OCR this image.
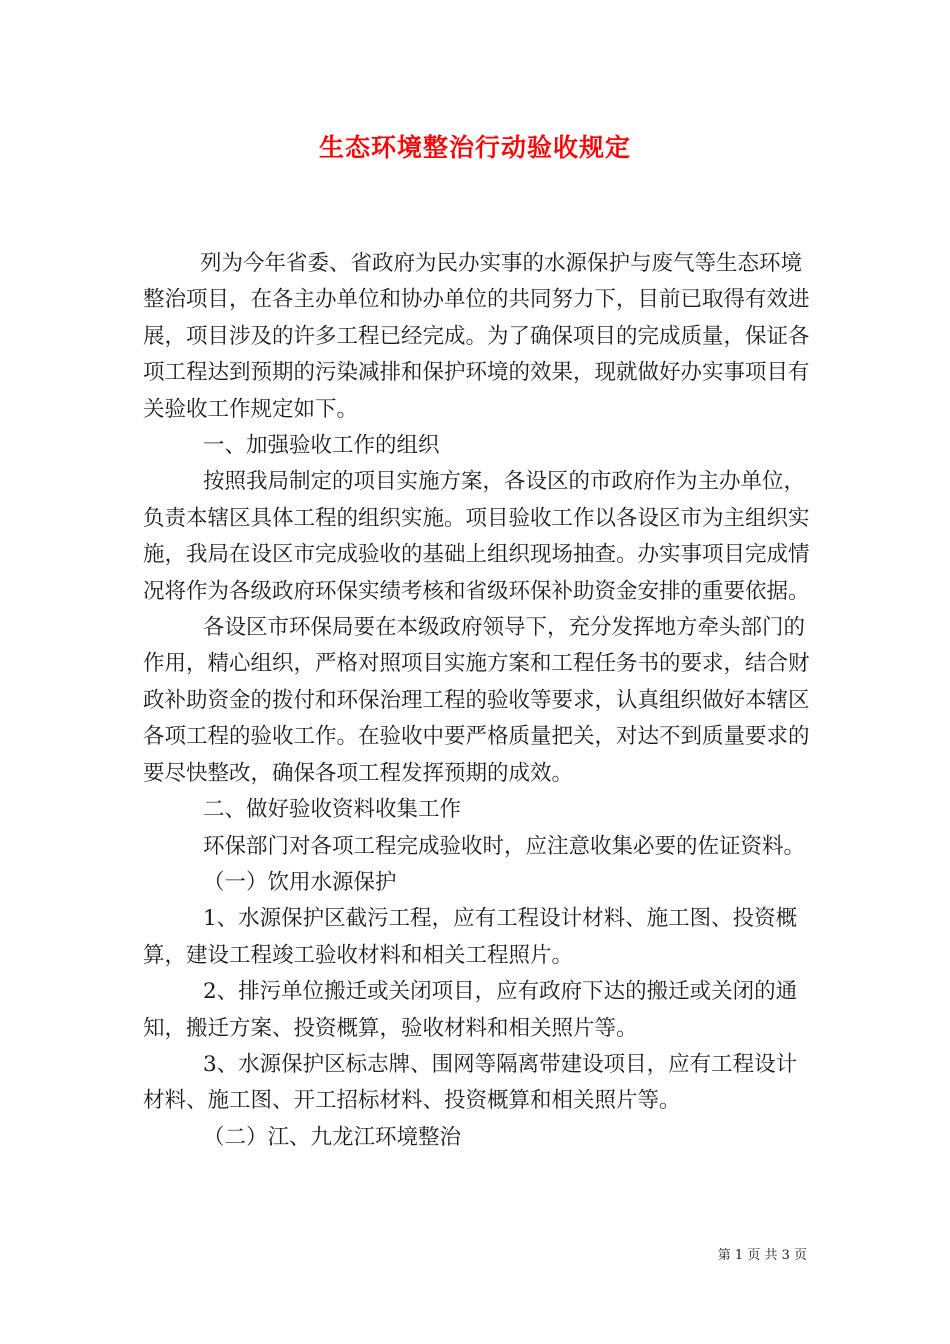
生态环境整治行动验收规定

列为今年省委、省政府为民办实事的水源保护与废气等生态环境整治项目，在各主办单位和协办单位的共同努力下，目前已取得有效进展，项目涉及的许多工程已经完成。为了确保项目的完成质量，保证各项工程达到预期的污染减排和保护环境的效果，现就做好办实事项目有关验收工作规定如下。

一、加强验收工作的组织

按照我局制定的项目实施方案，各设区的市政府作为主办单位，负责本辖区具体工程的组织实施。项目验收工作以各设区市为主组织实施，我局在设区市完成验收的基础上组织现场抽查。办实事项目完成情况将作为各级政府环保实绩考核和省级环保补助资金安排的重要依据。

各设区市环保局要在本级政府领导下，充分发挥地方牵头部门的作用，精心组织，严格对照项目实施方案和工程任务书的要求，结合财政补助资金的拨付和环保治理工程的验收等要求，认真组织做好本辖区各项工程的验收工作。在验收中要严格质量把关，对达不到质量要求的要尽快整改，确保各项工程发挥预期的成效。

二、做好验收资料收集工作

环保部门对各项工程完成验收时，应注意收集必要的佐证资料。

（一）饮用水源保护

1、水源保护区截污工程，应有工程设计材料、施工图、投资概算，建设工程竣工验收材料和相关工程照片。

2、排污单位搬迁或关闭项目，应有政府下达的搬迁或关闭的通知，搬迁方案、投资概算，验收材料和相关照片等。

3、水源保护区标志牌、围网等隔离带建设项目，应有工程设计材料、施工图、开工招标材料、投资概算和相关照片等。

（二）江、九龙江环境整治

第 1 页 共 3 页
